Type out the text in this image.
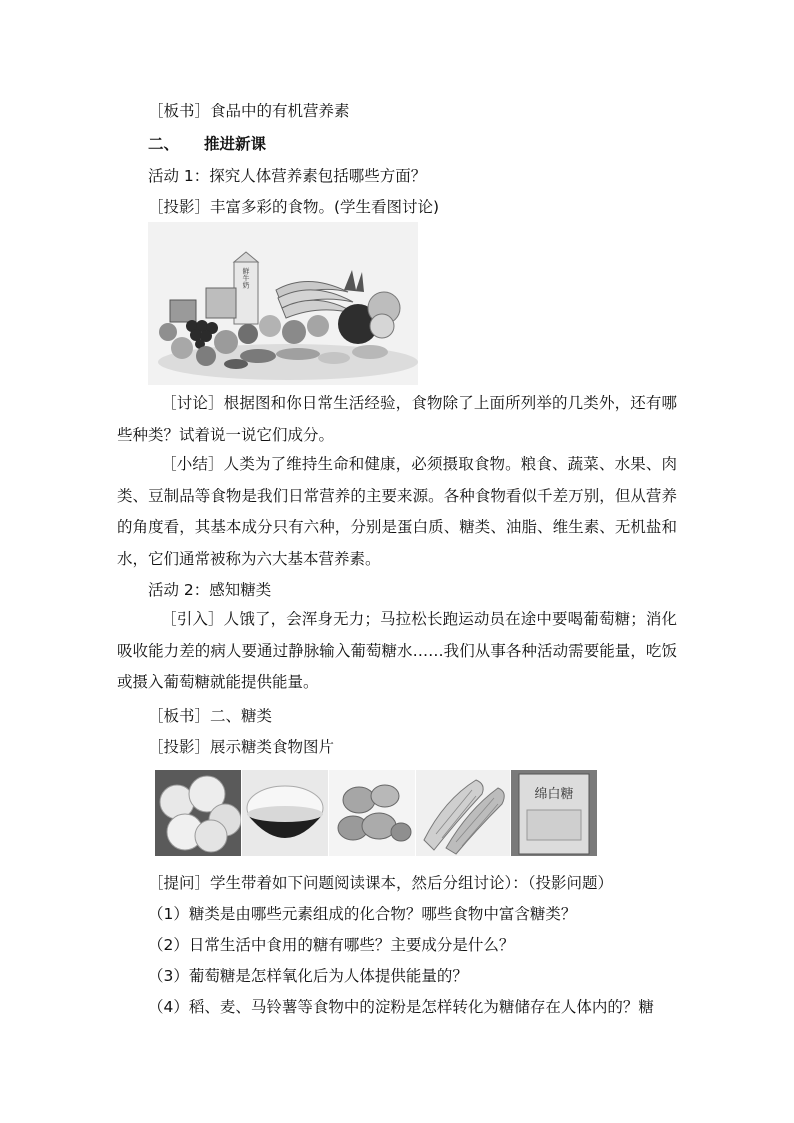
［板书］食品中的有机营养素
二、 推进新课
活动 1：探究人体营养素包括哪些方面？
［投影］丰富多彩的食物。(学生看图讨论)
鲜牛奶
［讨论］根据图和你日常生活经验，食物除了上面所列举的几类外，还有哪些种类？试着说一说它们成分。
［小结］人类为了维持生命和健康，必须摄取食物。粮食、蔬菜、水果、肉类、豆制品等食物是我们日常营养的主要来源。各种食物看似千差万别，但从营养的角度看，其基本成分只有六种，分别是蛋白质、糖类、油脂、维生素、无机盐和水，它们通常被称为六大基本营养素。
活动 2：感知糖类
［引入］人饿了，会浑身无力；马拉松长跑运动员在途中要喝葡萄糖；消化吸收能力差的病人要通过静脉输入葡萄糖水……我们从事各种活动需要能量，吃饭或摄入葡萄糖就能提供能量。
［板书］二、糖类
［投影］展示糖类食物图片
绵白糖
［提问］学生带着如下问题阅读课本，然后分组讨论）：（投影问题）
（1）糖类是由哪些元素组成的化合物？哪些食物中富含糖类？
（2）日常生活中食用的糖有哪些？主要成分是什么？
（3）葡萄糖是怎样氧化后为人体提供能量的？
（4）稻、麦、马铃薯等食物中的淀粉是怎样转化为糖储存在人体内的？糖
